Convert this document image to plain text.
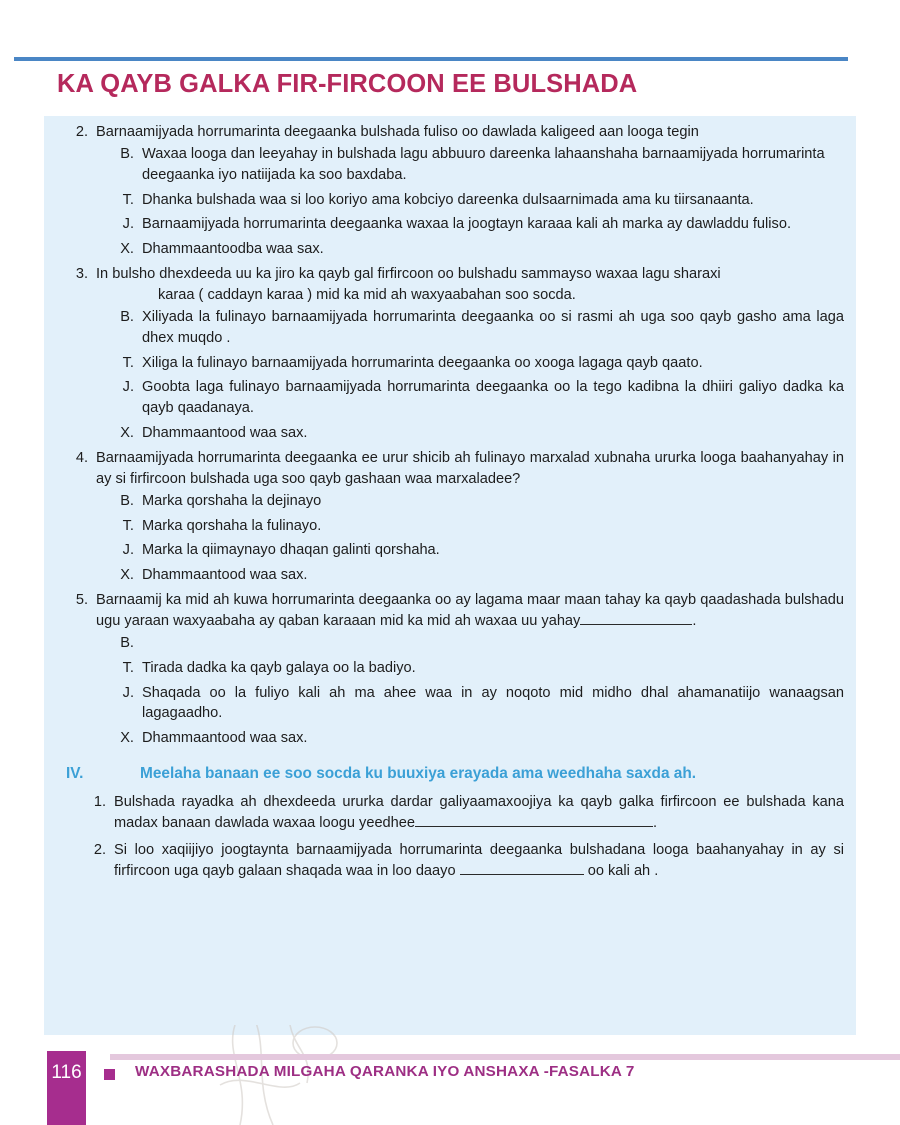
KA QAYB GALKA FIR-FIRCOON EE BULSHADA
2. Barnaamijyada horrumarinta deegaanka bulshada fuliso oo dawlada kaligeed aan looga tegin
B. Waxaa looga dan leeyahay in bulshada lagu abbuuro dareenka lahaanshaha barnaamijyada horrumarinta deegaanka iyo natiijada ka soo baxdaba.
T. Dhanka bulshada waa si loo koriyo ama kobciyo dareenka dulsaarnimada ama ku tiirsanaanta.
J. Barnaamijyada horrumarinta deegaanka waxaa la joogtayn karaaa kali ah marka ay dawladdu fuliso.
X. Dhammaantoodba waa sax.
3. In bulsho dhexdeeda uu ka jiro ka qayb gal firfircoon oo bulshadu sammayso waxaa lagu sharaxi
karaa ( caddayn karaa ) mid ka mid ah waxyaabahan soo socda.
B. Xiliyada la fulinayo barnaamijyada horrumarinta deegaanka oo si rasmi ah uga soo qayb gasho ama laga dhex muqdo .
T. Xiliga la fulinayo barnaamijyada horrumarinta deegaanka oo xooga lagaga qayb qaato.
J. Goobta laga fulinayo barnaamijyada horrumarinta deegaanka oo la tego kadibna la dhiiri galiyo dadka ka qayb qaadanaya.
X. Dhammaantood waa sax.
4. Barnaamijyada horrumarinta deegaanka ee urur shicib ah fulinayo marxalad xubnaha ururka looga baahanyahay in ay si firfircoon bulshada uga soo qayb gashaan waa marxaladee?
B. Marka qorshaha la dejinayo
T. Marka qorshaha la fulinayo.
J. Marka la qiimaynayo dhaqan galinti qorshaha.
X. Dhammaantood waa sax.
5. Barnaamij ka mid ah kuwa horrumarinta deegaanka oo ay lagama maar maan tahay ka qayb qaadashada bulshadu ugu yaraan waxyaabaha ay qaban karaaan mid ka mid ah waxaa uu yahay	.
B.
T. Tirada dadka ka qayb galaya oo la badiyo.
J. Shaqada oo la fuliyo kali ah ma ahee waa in ay noqoto mid midho dhal ahamanatiijo wanaagsan lagagaadho.
X. Dhammaantood waa sax.
IV.	Meelaha banaan ee soo socda ku buuxiya erayada ama weedhaha saxda ah.
1. Bulshada rayadka ah dhexdeeda ururka dardar galiyaamaxoojiya ka qayb galka firfircoon ee bulshada kana madax banaan dawlada waxaa loogu yeedhee	.
2. Si loo xaqiijiyo joogtaynta barnaamijyada horrumarinta deegaanka bulshadana looga baahanyahay in ay si firfircoon uga qayb galaan shaqada waa in loo daayo	oo kali ah .
116	WAXBARASHADA MILGAHA QARANKA IYO ANSHAXA -FASALKA 7
